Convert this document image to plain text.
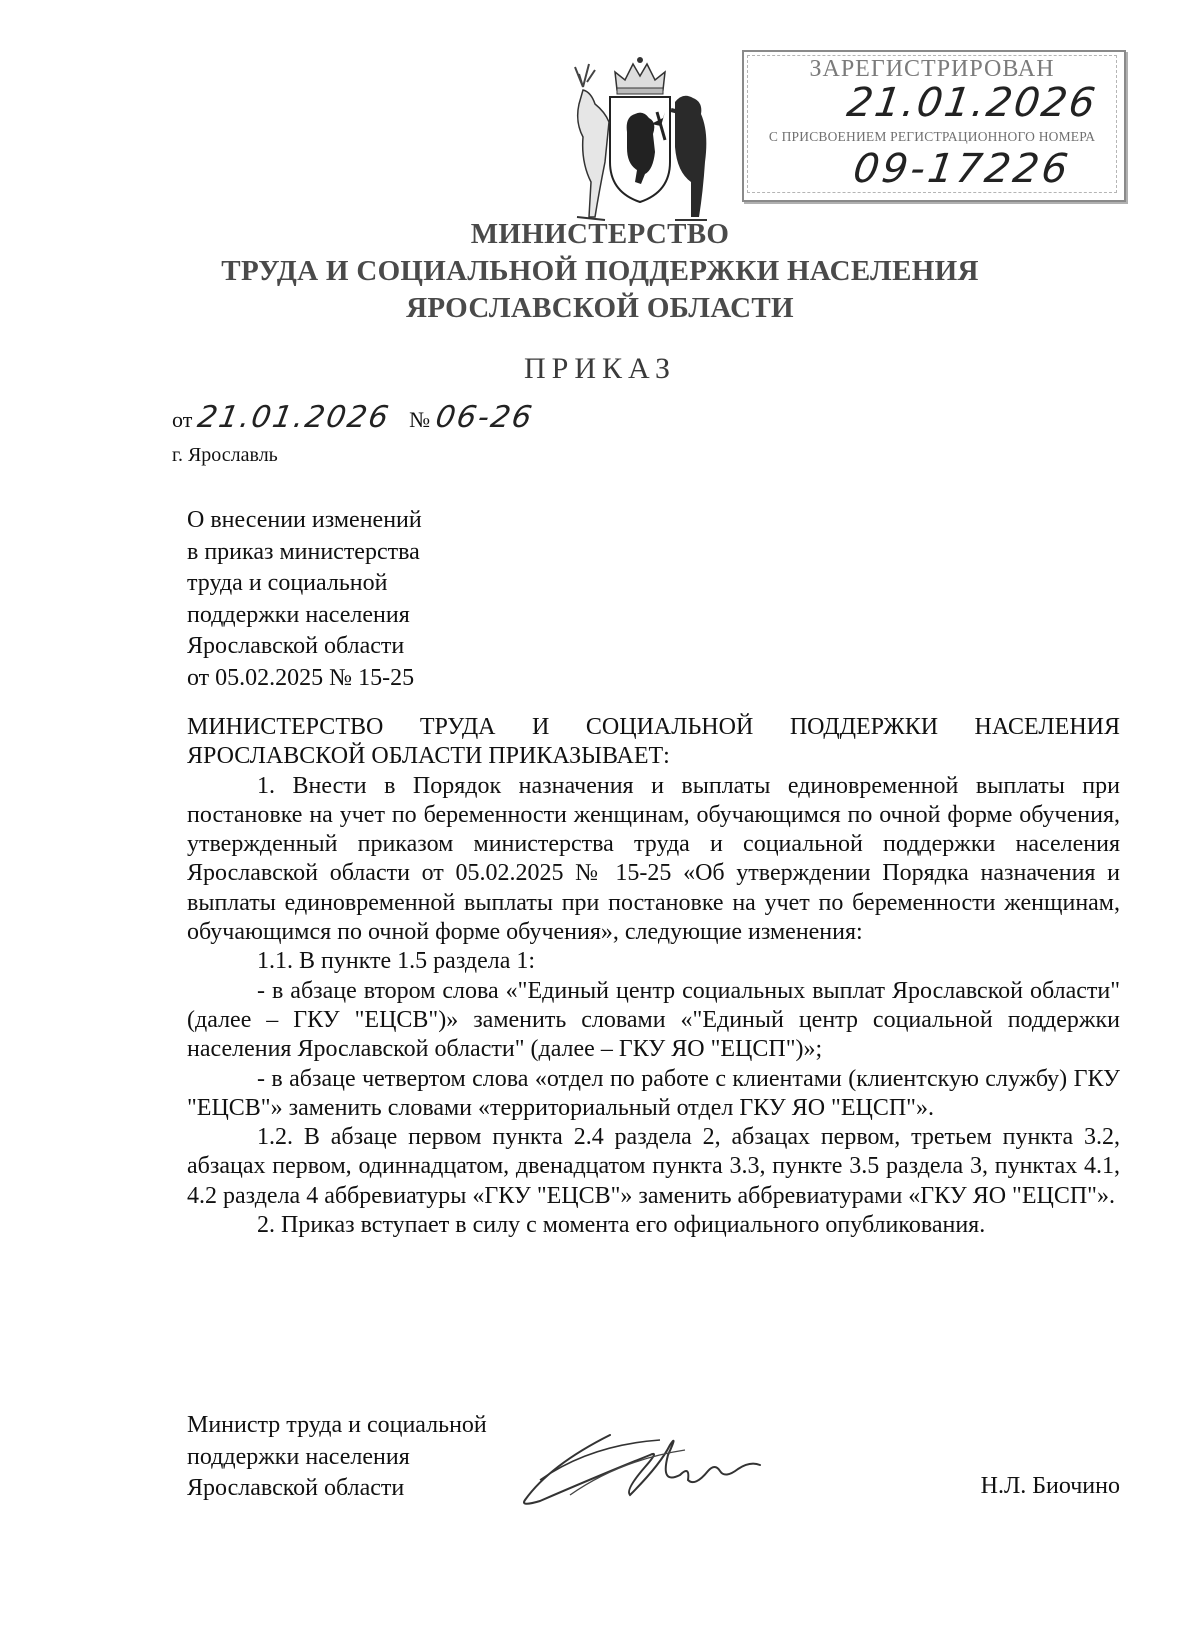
ЗАРЕГИСТРИРОВАН
21.01.2026
С ПРИСВОЕНИЕМ РЕГИСТРАЦИОННОГО НОМЕРА
09-17226
МИНИСТЕРСТВО
ТРУДА И СОЦИАЛЬНОЙ ПОДДЕРЖКИ НАСЕЛЕНИЯ
ЯРОСЛАВСКОЙ ОБЛАСТИ
ПРИКАЗ
от 21.01.2026 № 06-26
г. Ярославль
О внесении изменений
в приказ министерства
труда и социальной
поддержки населения
Ярославской области
от 05.02.2025 № 15-25

МИНИСТЕРСТВО ТРУДА И СОЦИАЛЬНОЙ ПОДДЕРЖКИ НАСЕЛЕНИЯ ЯРОСЛАВСКОЙ ОБЛАСТИ ПРИКАЗЫВАЕТ:

1. Внести в Порядок назначения и выплаты единовременной выплаты при постановке на учет по беременности женщинам, обучающимся по очной форме обучения, утвержденный приказом министерства труда и социальной поддержки населения Ярославской области от 05.02.2025 № 15-25 «Об утверждении Порядка назначения и выплаты единовременной выплаты при постановке на учет по беременности женщинам, обучающимся по очной форме обучения», следующие изменения:

1.1. В пункте 1.5 раздела 1:

- в абзаце втором слова «"Единый центр социальных выплат Ярославской области" (далее – ГКУ "ЕЦСВ")» заменить словами «"Единый центр социальной поддержки населения Ярославской области" (далее – ГКУ ЯО "ЕЦСП")»;

- в абзаце четвертом слова «отдел по работе с клиентами (клиентскую службу) ГКУ "ЕЦСВ"» заменить словами «территориальный отдел ГКУ ЯО "ЕЦСП"».

1.2. В абзаце первом пункта 2.4 раздела 2, абзацах первом, третьем пункта 3.2, абзацах первом, одиннадцатом, двенадцатом пункта 3.3, пункте 3.5 раздела 3, пунктах 4.1, 4.2 раздела 4 аббревиатуры «ГКУ "ЕЦСВ"» заменить аббревиатурами «ГКУ ЯО "ЕЦСП"».

2. Приказ вступает в силу с момента его официального опубликования.

Министр труда и социальной
поддержки населения
Ярославской области	Н.Л. Биочино
